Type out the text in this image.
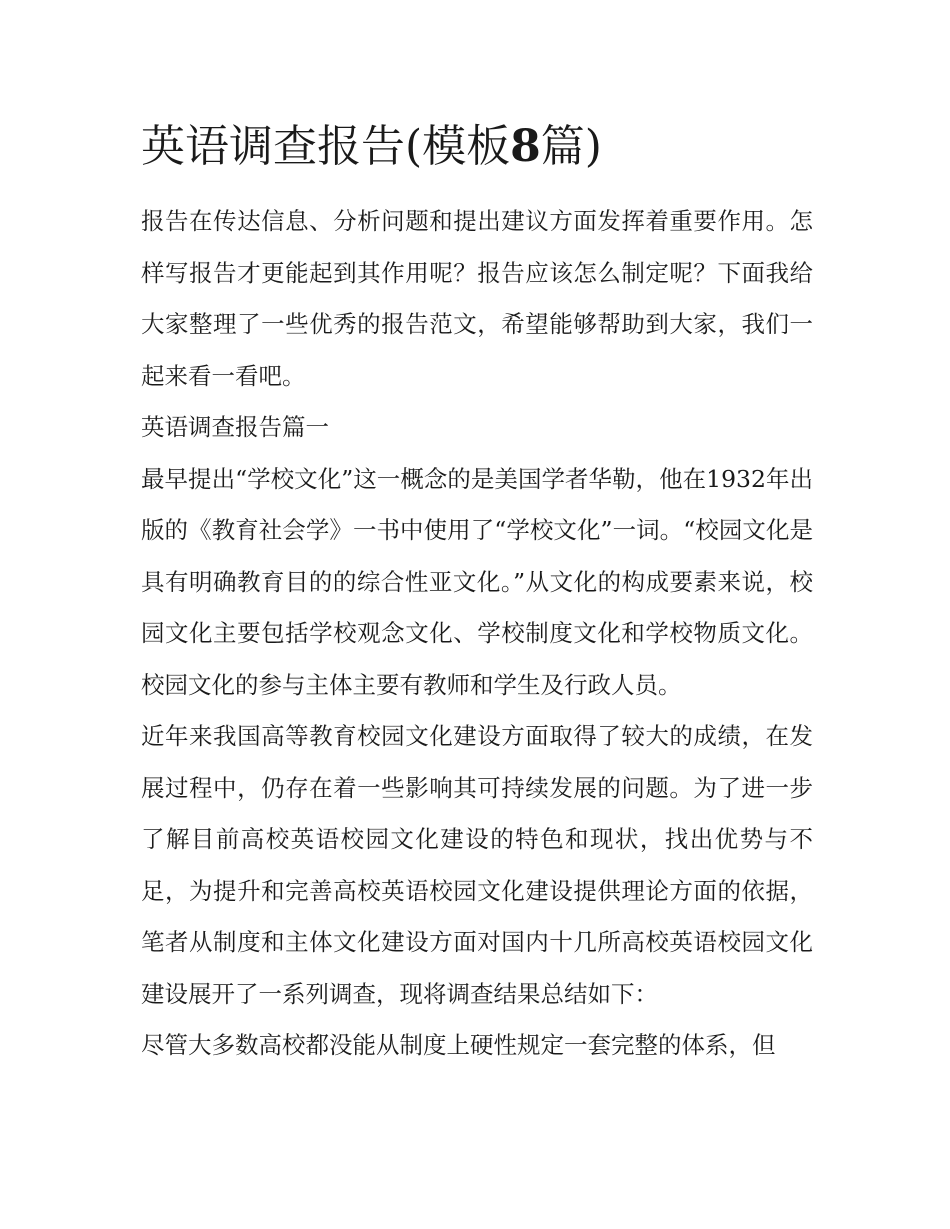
英语调查报告(模板8篇)

报告在传达信息、分析问题和提出建议方面发挥着重要作用。怎样写报告才更能起到其作用呢？报告应该怎么制定呢？下面我给大家整理了一些优秀的报告范文，希望能够帮助到大家，我们一起来看一看吧。

英语调查报告篇一

最早提出“学校文化”这一概念的是美国学者华勒，他在1932年出版的《教育社会学》一书中使用了“学校文化”一词。“校园文化是具有明确教育目的的综合性亚文化。”从文化的构成要素来说，校园文化主要包括学校观念文化、学校制度文化和学校物质文化。校园文化的参与主体主要有教师和学生及行政人员。

近年来我国高等教育校园文化建设方面取得了较大的成绩，在发展过程中，仍存在着一些影响其可持续发展的问题。为了进一步了解目前高校英语校园文化建设的特色和现状，找出优势与不足，为提升和完善高校英语校园文化建设提供理论方面的依据，笔者从制度和主体文化建设方面对国内十几所高校英语校园文化建设展开了一系列调查，现将调查结果总结如下：

尽管大多数高校都没能从制度上硬性规定一套完整的体系，但
